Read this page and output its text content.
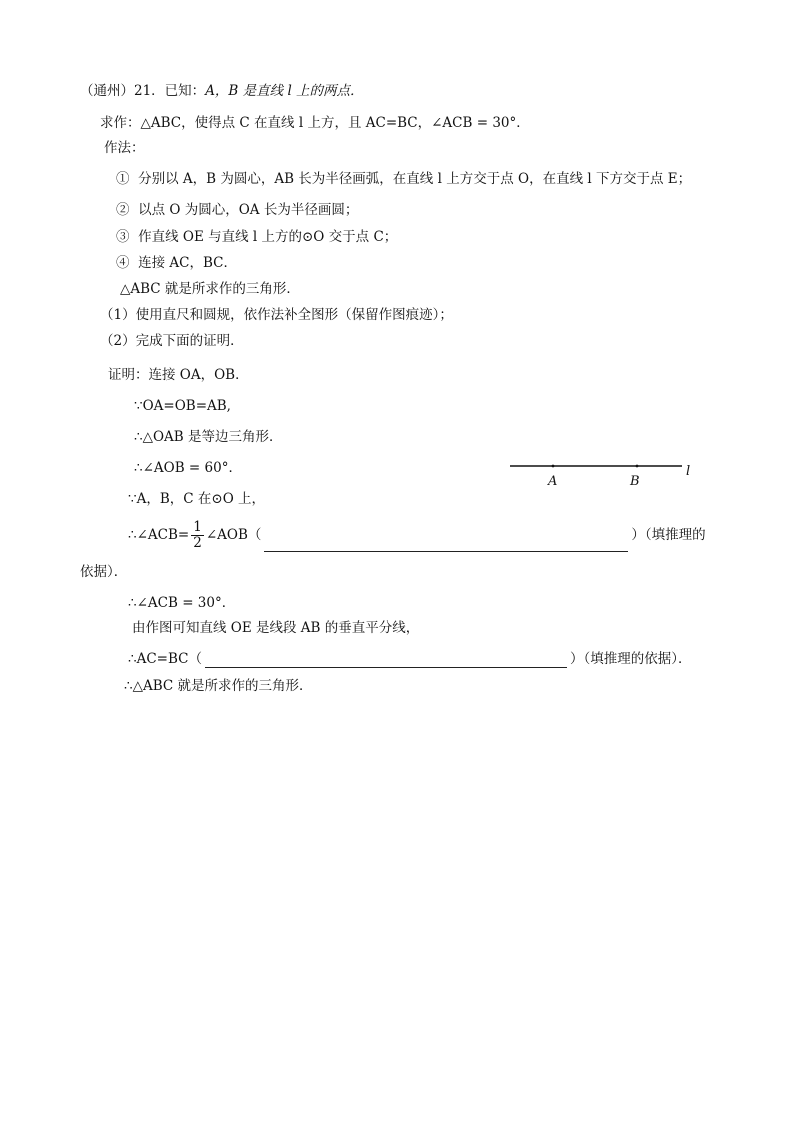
（通州）21．已知：A，B 是直线 l 上的两点．
求作：△ABC，使得点 C 在直线 l 上方，且 AC=BC，∠ACB = 30°．
作法：
① 分别以 A，B 为圆心，AB 长为半径画弧，在直线 l 上方交于点 O，在直线 l 下方交于点 E；
② 以点 O 为圆心，OA 长为半径画圆；
③ 作直线 OE 与直线 l 上方的⊙O 交于点 C；
④ 连接 AC，BC．
△ABC 就是所求作的三角形．
（1）使用直尺和圆规，依作法补全图形（保留作图痕迹）；
（2）完成下面的证明．
证明：连接 OA，OB．
∵OA=OB=AB,
∴△OAB 是等边三角形．
∴∠AOB = 60°．
∵A，B，C 在⊙O 上，
∴∠ACB= $\frac{1}{2}$ ∠AOB（	）（填推理的
依据）．
∴∠ACB = 30°．
由作图可知直线 OE 是线段 AB 的垂直平分线，
∴AC=BC（	）（填推理的依据）．
∴△ABC 就是所求作的三角形．
A	B
l
